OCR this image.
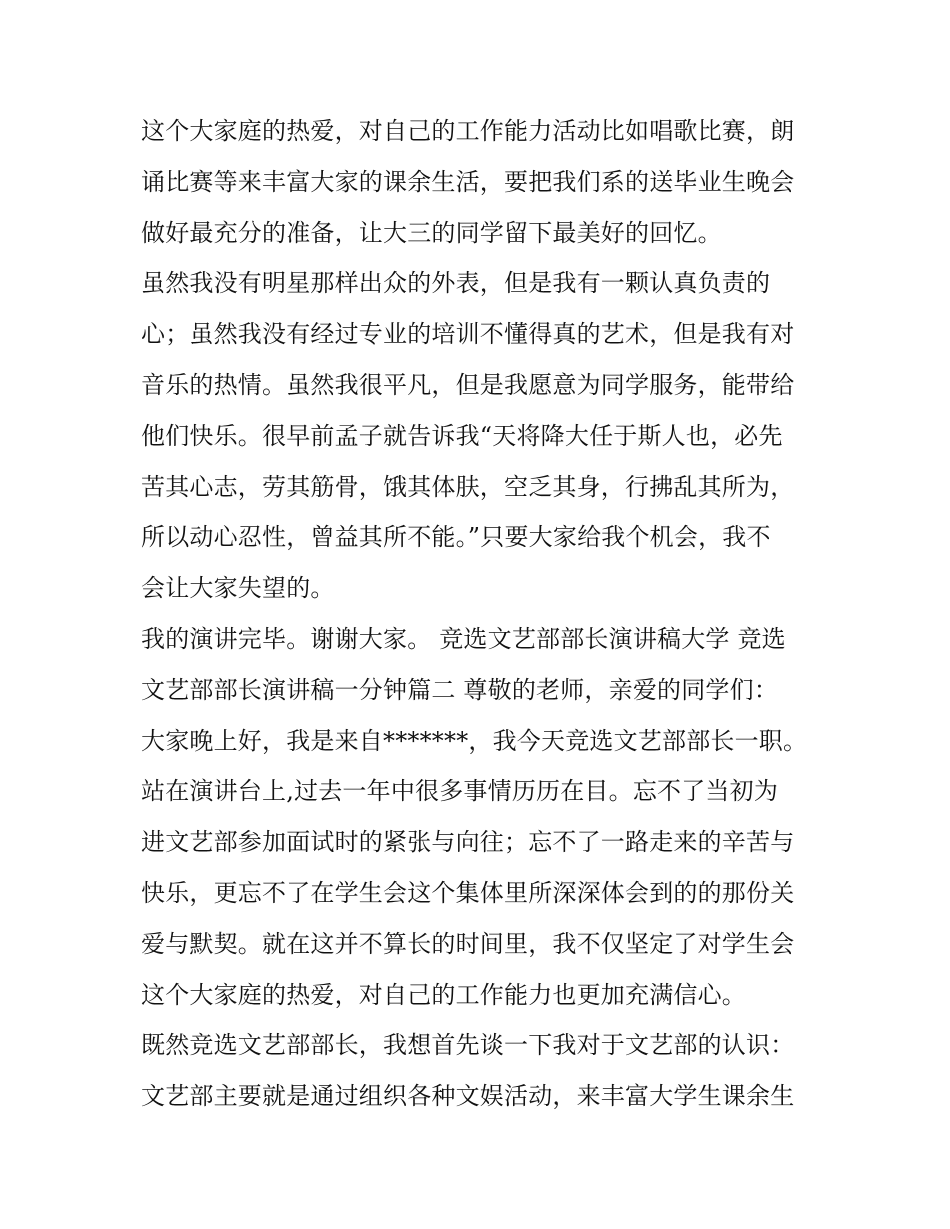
这个大家庭的热爱，对自己的工作能力活动比如唱歌比赛，朗
诵比赛等来丰富大家的课余生活，要把我们系的送毕业生晚会
做好最充分的准备，让大三的同学留下最美好的回忆。
虽然我没有明星那样出众的外表，但是我有一颗认真负责的
心；虽然我没有经过专业的培训不懂得真的艺术，但是我有对
音乐的热情。虽然我很平凡，但是我愿意为同学服务，能带给
他们快乐。很早前孟子就告诉我“天将降大任于斯人也，必先
苦其心志，劳其筋骨，饿其体肤，空乏其身，行拂乱其所为，
所以动心忍性，曾益其所不能。”只要大家给我个机会，我不
会让大家失望的。
我的演讲完毕。谢谢大家。 竞选文艺部部长演讲稿大学 竞选
文艺部部长演讲稿一分钟篇二 尊敬的老师，亲爱的同学们：
大家晚上好，我是来自*******，我今天竞选文艺部部长一职。
站在演讲台上,过去一年中很多事情历历在目。忘不了当初为
进文艺部参加面试时的紧张与向往；忘不了一路走来的辛苦与
快乐，更忘不了在学生会这个集体里所深深体会到的的那份关
爱与默契。就在这并不算长的时间里，我不仅坚定了对学生会
这个大家庭的热爱，对自己的工作能力也更加充满信心。
既然竞选文艺部部长，我想首先谈一下我对于文艺部的认识：
文艺部主要就是通过组织各种文娱活动，来丰富大学生课余生
